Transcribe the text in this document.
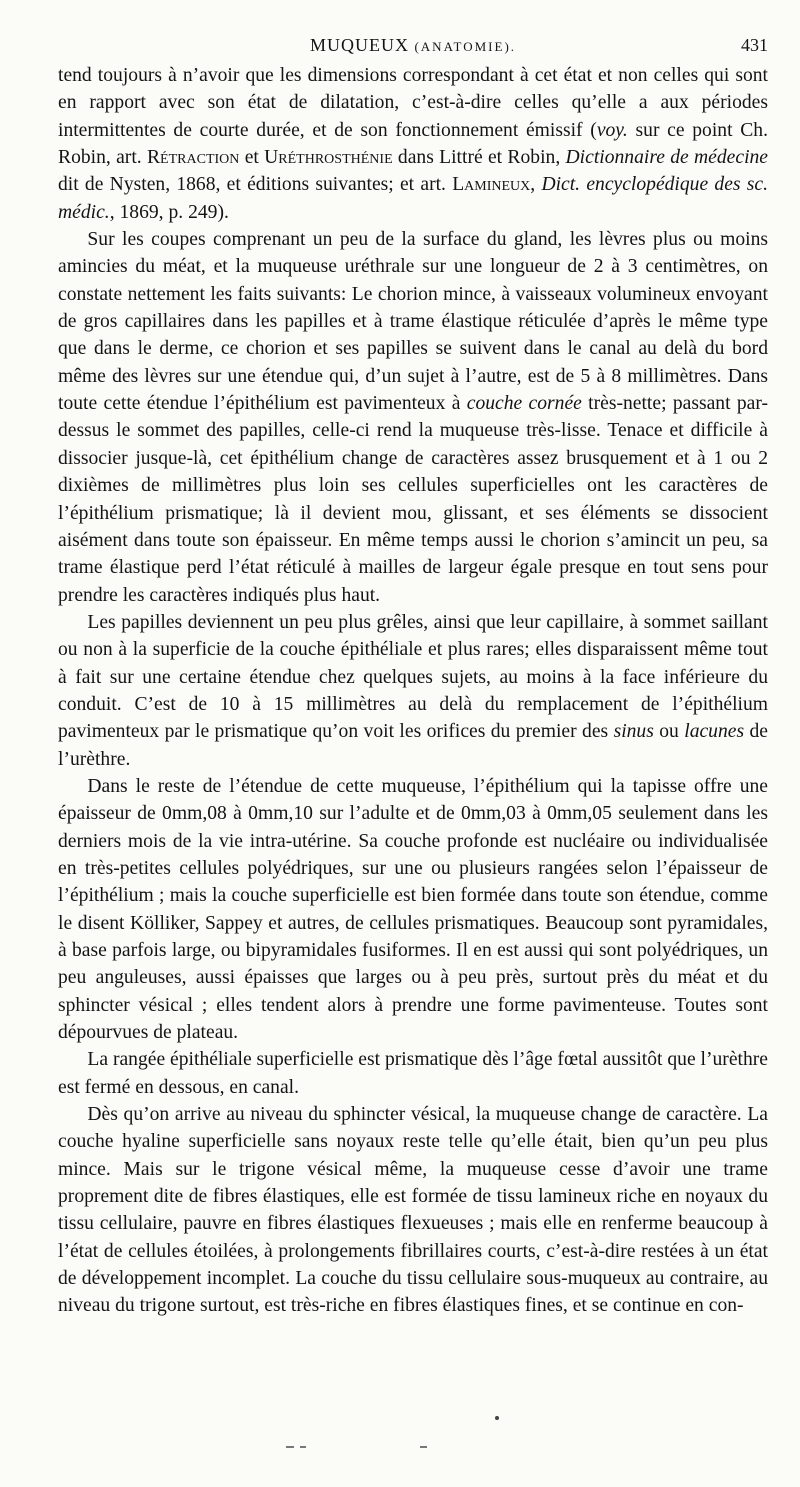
MUQUEUX (ANATOMIE).	431

tend toujours à n’avoir que les dimensions correspondant à cet état et non celles qui sont en rapport avec son état de dilatation, c’est-à-dire celles qu’elle a aux périodes intermittentes de courte durée, et de son fonctionnement émissif (voy. sur ce point Ch. Robin, art. Rétraction et Uréthrosthénie dans Littré et Robin, Dictionnaire de médecine dit de Nysten, 1868, et éditions suivantes; et art. Lamineux, Dict. encyclopédique des sc. médic., 1869, p. 249).

Sur les coupes comprenant un peu de la surface du gland, les lèvres plus ou moins amincies du méat, et la muqueuse uréthrale sur une longueur de 2 à 3 centimètres, on constate nettement les faits suivants: Le chorion mince, à vaisseaux volumineux envoyant de gros capillaires dans les papilles et à trame élastique réticulée d’après le même type que dans le derme, ce chorion et ses papilles se suivent dans le canal au delà du bord même des lèvres sur une étendue qui, d’un sujet à l’autre, est de 5 à 8 millimètres. Dans toute cette étendue l’épithélium est pavimenteux à couche cornée très-nette; passant par-dessus le sommet des papilles, celle-ci rend la muqueuse très-lisse. Tenace et difficile à dissocier jusque-là, cet épithélium change de caractères assez brusquement et à 1 ou 2 dixièmes de millimètres plus loin ses cellules superficielles ont les caractères de l’épithélium prismatique; là il devient mou, glissant, et ses éléments se dissocient aisément dans toute son épaisseur. En même temps aussi le chorion s’amincit un peu, sa trame élastique perd l’état réticulé à mailles de largeur égale presque en tout sens pour prendre les caractères indiqués plus haut.

Les papilles deviennent un peu plus grêles, ainsi que leur capillaire, à sommet saillant ou non à la superficie de la couche épithéliale et plus rares; elles disparaissent même tout à fait sur une certaine étendue chez quelques sujets, au moins à la face inférieure du conduit. C’est de 10 à 15 millimètres au delà du remplacement de l’épithélium pavimenteux par le prismatique qu’on voit les orifices du premier des sinus ou lacunes de l’urèthre.

Dans le reste de l’étendue de cette muqueuse, l’épithélium qui la tapisse offre une épaisseur de 0mm,08 à 0mm,10 sur l’adulte et de 0mm,03 à 0mm,05 seulement dans les derniers mois de la vie intra-utérine. Sa couche profonde est nucléaire ou individualisée en très-petites cellules polyédriques, sur une ou plusieurs rangées selon l’épaisseur de l’épithélium ; mais la couche superficielle est bien formée dans toute son étendue, comme le disent Kölliker, Sappey et autres, de cellules prismatiques. Beaucoup sont pyramidales, à base parfois large, ou bipyramidales fusiformes. Il en est aussi qui sont polyédriques, un peu anguleuses, aussi épaisses que larges ou à peu près, surtout près du méat et du sphincter vésical ; elles tendent alors à prendre une forme pavimenteuse. Toutes sont dépourvues de plateau.

La rangée épithéliale superficielle est prismatique dès l’âge fœtal aussitôt que l’urèthre est fermé en dessous, en canal.

Dès qu’on arrive au niveau du sphincter vésical, la muqueuse change de caractère. La couche hyaline superficielle sans noyaux reste telle qu’elle était, bien qu’un peu plus mince. Mais sur le trigone vésical même, la muqueuse cesse d’avoir une trame proprement dite de fibres élastiques, elle est formée de tissu lamineux riche en noyaux du tissu cellulaire, pauvre en fibres élastiques flexueuses ; mais elle en renferme beaucoup à l’état de cellules étoilées, à prolongements fibrillaires courts, c’est-à-dire restées à un état de développement incomplet. La couche du tissu cellulaire sous-muqueux au contraire, au niveau du trigone surtout, est très-riche en fibres élastiques fines, et se continue en con-
